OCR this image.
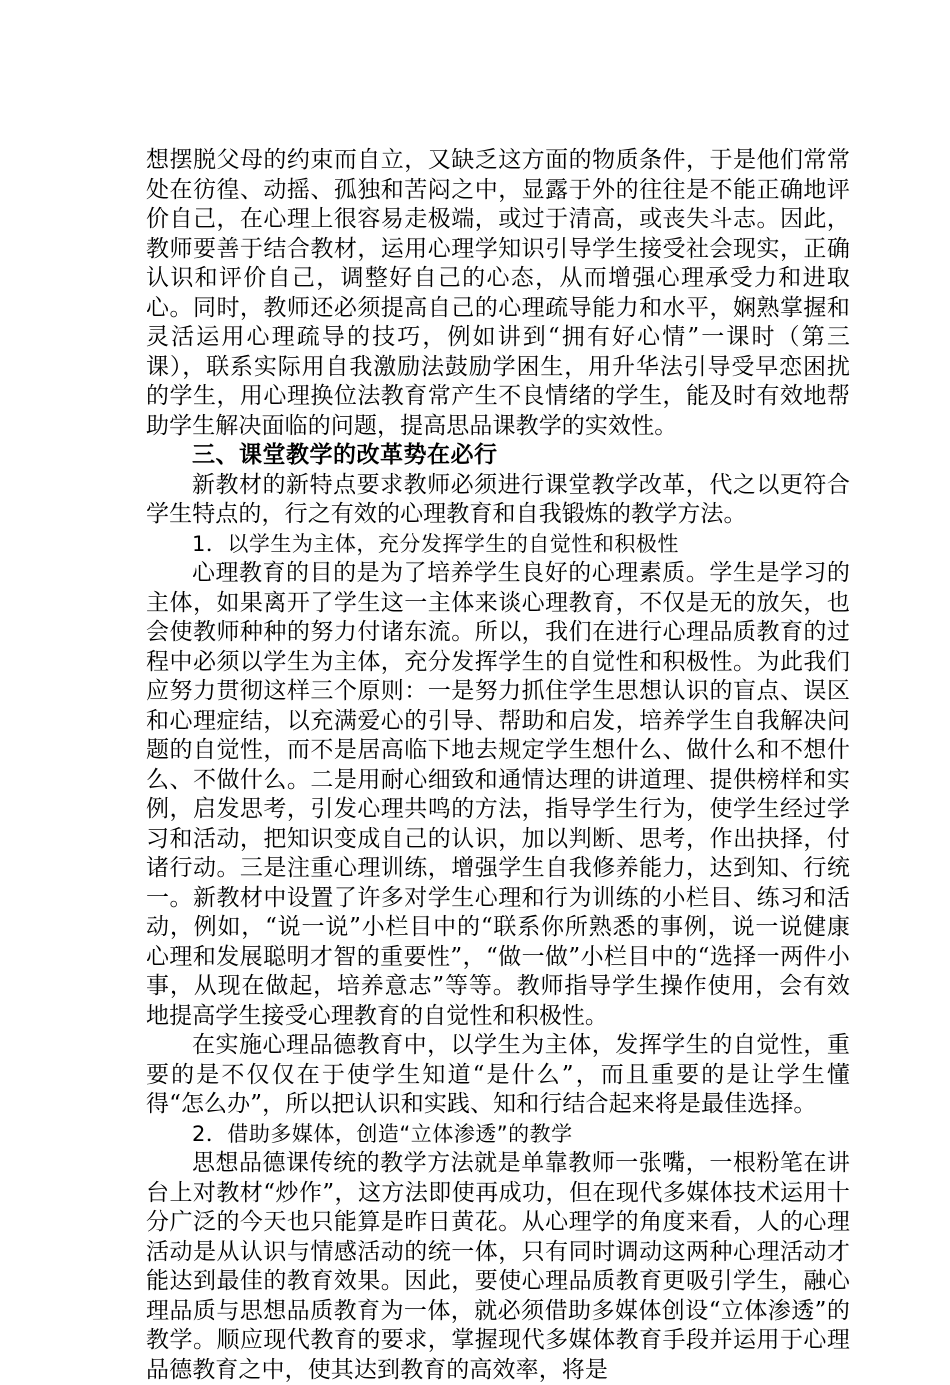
想摆脱父母的约束而自立，又缺乏这方面的物质条件，于是他们常常处在彷徨、动摇、孤独和苦闷之中，显露于外的往往是不能正确地评价自己，在心理上很容易走极端，或过于清高，或丧失斗志。因此，教师要善于结合教材，运用心理学知识引导学生接受社会现实，正确认识和评价自己，调整好自己的心态，从而增强心理承受力和进取心。同时，教师还必须提高自己的心理疏导能力和水平，娴熟掌握和灵活运用心理疏导的技巧，例如讲到“拥有好心情”一课时（第三课），联系实际用自我激励法鼓励学困生，用升华法引导受早恋困扰的学生，用心理换位法教育常产生不良情绪的学生，能及时有效地帮助学生解决面临的问题，提高思品课教学的实效性。

三、课堂教学的改革势在必行

新教材的新特点要求教师必须进行课堂教学改革，代之以更符合学生特点的，行之有效的心理教育和自我锻炼的教学方法。

1．以学生为主体，充分发挥学生的自觉性和积极性

心理教育的目的是为了培养学生良好的心理素质。学生是学习的主体，如果离开了学生这一主体来谈心理教育，不仅是无的放矢，也会使教师种种的努力付诸东流。所以，我们在进行心理品质教育的过程中必须以学生为主体，充分发挥学生的自觉性和积极性。为此我们应努力贯彻这样三个原则：一是努力抓住学生思想认识的盲点、误区和心理症结，以充满爱心的引导、帮助和启发，培养学生自我解决问题的自觉性，而不是居高临下地去规定学生想什么、做什么和不想什么、不做什么。二是用耐心细致和通情达理的讲道理、提供榜样和实例，启发思考，引发心理共鸣的方法，指导学生行为，使学生经过学习和活动，把知识变成自己的认识，加以判断、思考，作出抉择，付诸行动。三是注重心理训练，增强学生自我修养能力，达到知、行统一。新教材中设置了许多对学生心理和行为训练的小栏目、练习和活动，例如，“说一说”小栏目中的“联系你所熟悉的事例，说一说健康心理和发展聪明才智的重要性”，“做一做”小栏目中的“选择一两件小事，从现在做起，培养意志”等等。教师指导学生操作使用，会有效地提高学生接受心理教育的自觉性和积极性。

在实施心理品德教育中，以学生为主体，发挥学生的自觉性，重要的是不仅仅在于使学生知道“是什么”，而且重要的是让学生懂得“怎么办”，所以把认识和实践、知和行结合起来将是最佳选择。

2．借助多媒体，创造“立体渗透”的教学

思想品德课传统的教学方法就是单靠教师一张嘴，一根粉笔在讲台上对教材“炒作”，这方法即使再成功，但在现代多媒体技术运用十分广泛的今天也只能算是昨日黄花。从心理学的角度来看，人的心理活动是从认识与情感活动的统一体，只有同时调动这两种心理活动才能达到最佳的教育效果。因此，要使心理品质教育更吸引学生，融心理品质与思想品质教育为一体，就必须借助多媒体创设“立体渗透”的教学。顺应现代教育的要求，掌握现代多媒体教育手段并运用于心理品德教育之中，使其达到教育的高效率，将是
